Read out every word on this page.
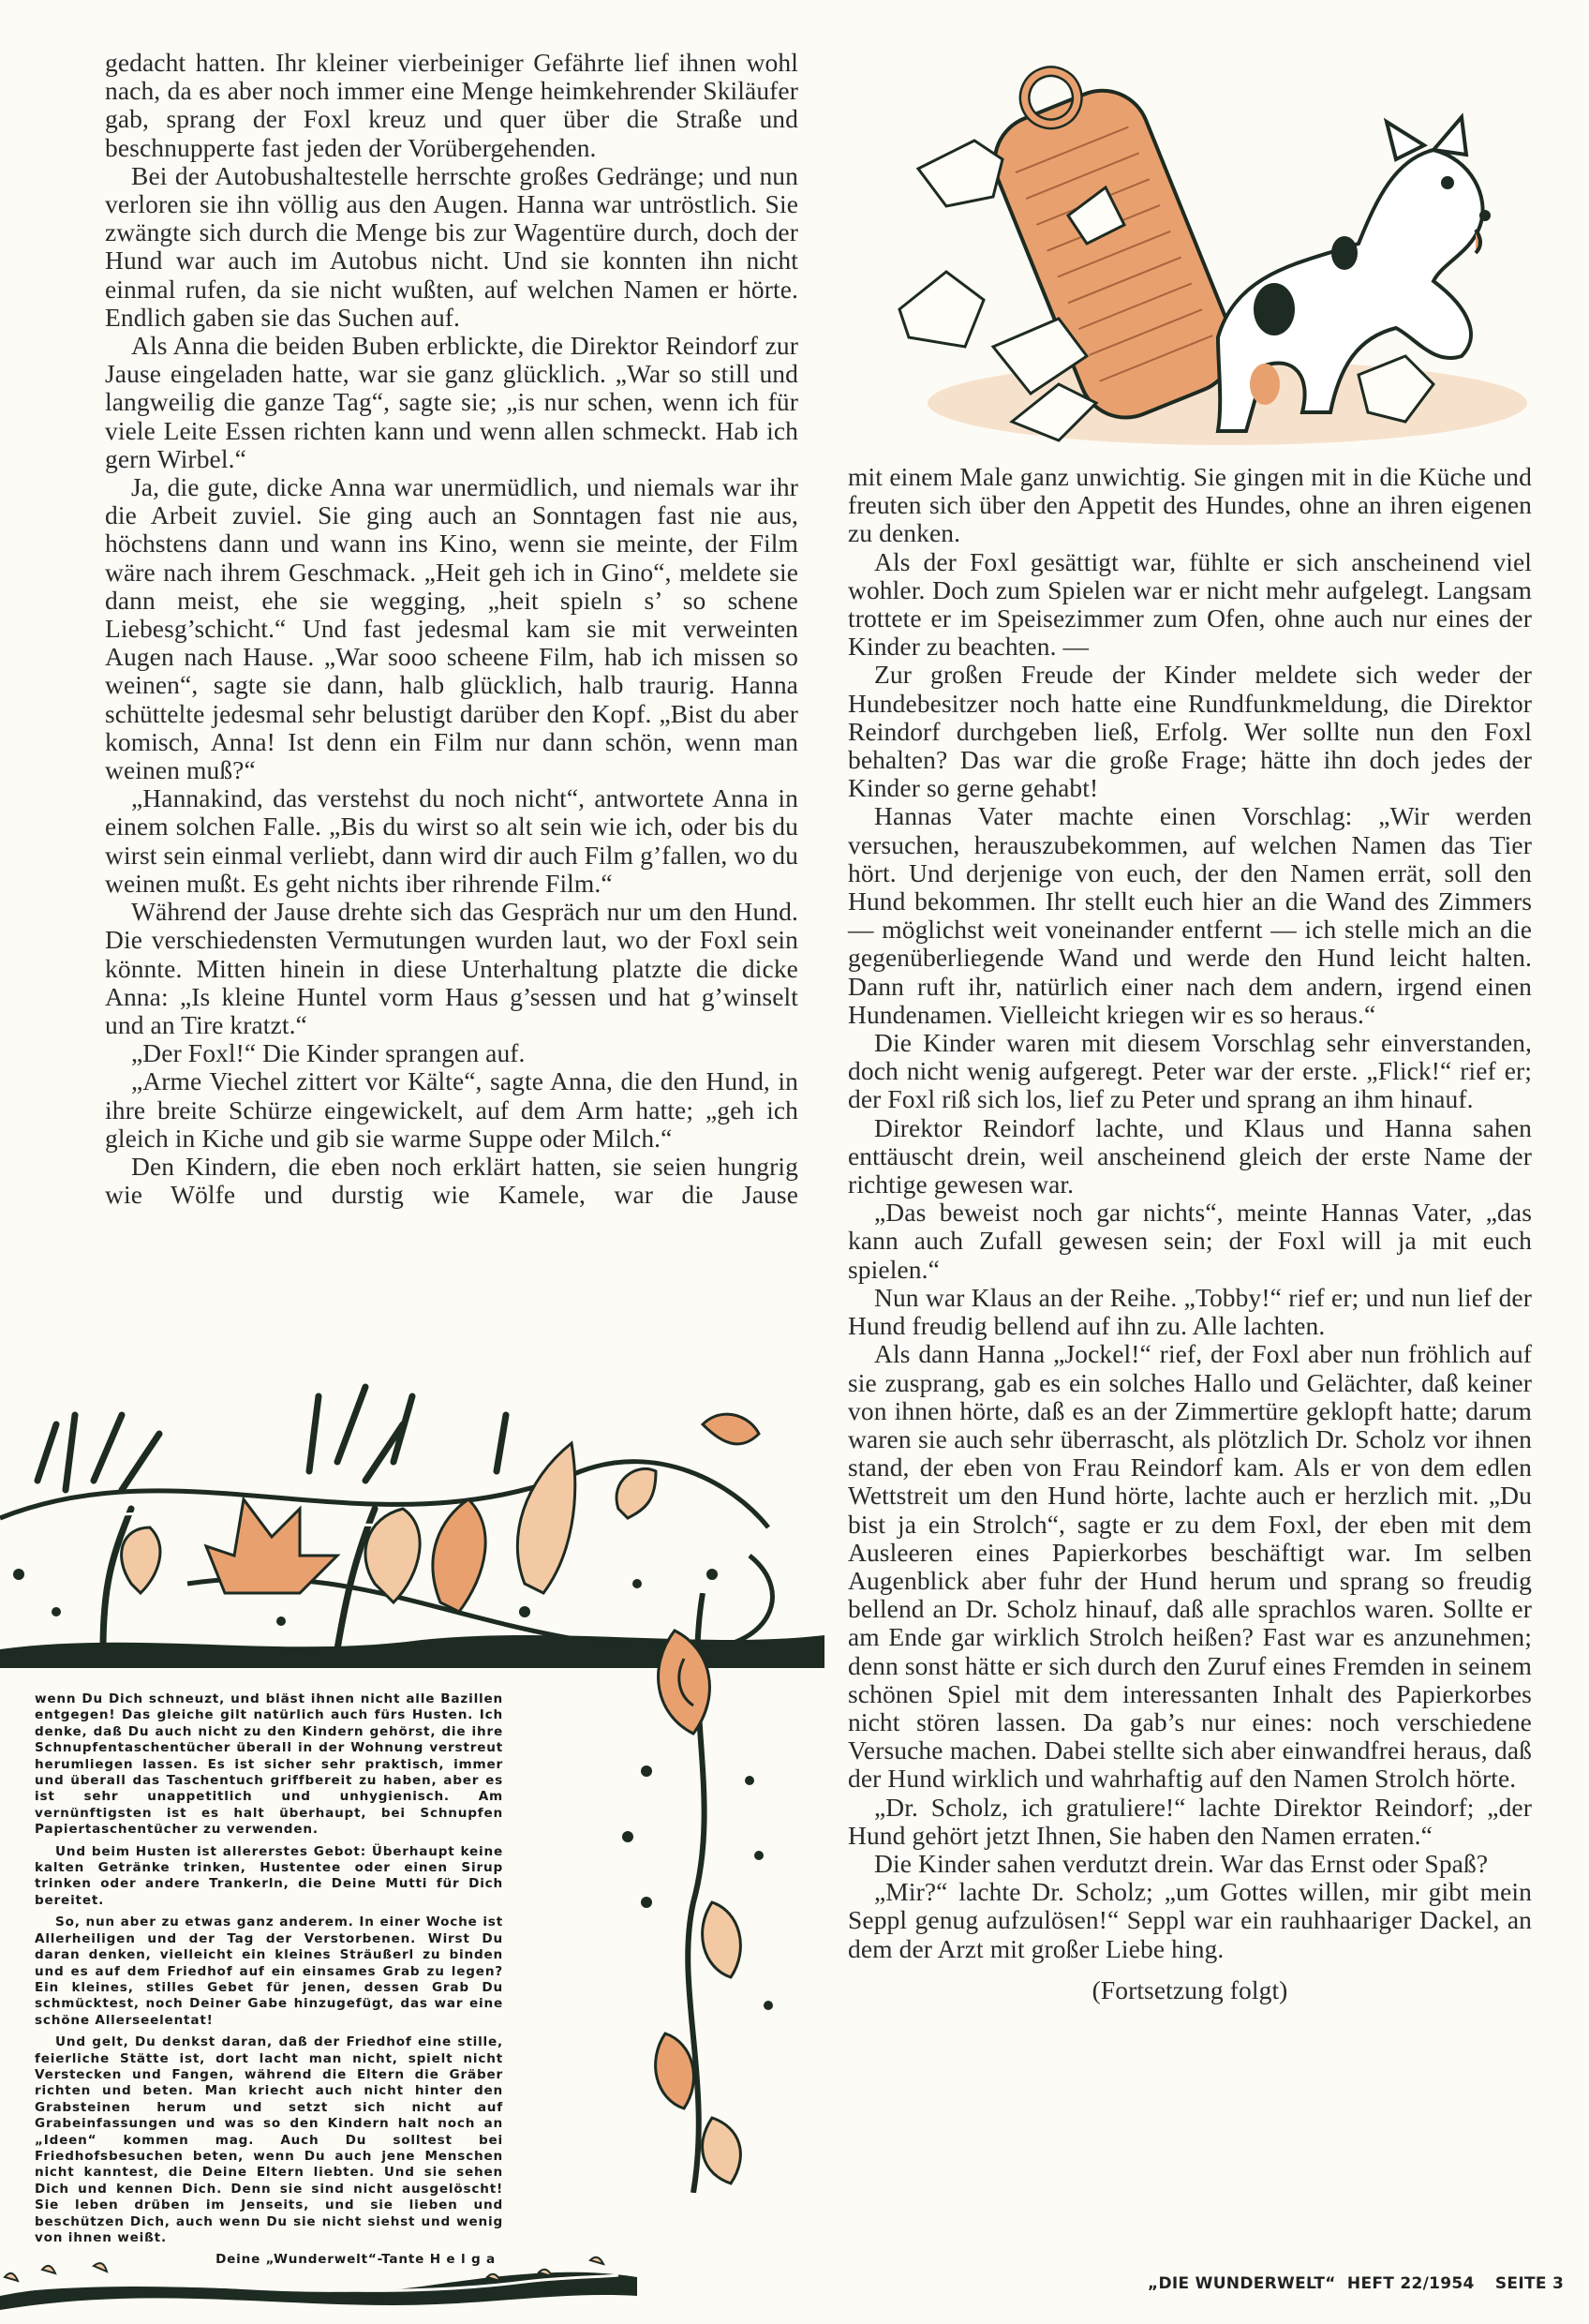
gedacht hatten. Ihr kleiner vierbeiniger Gefährte lief ihnen wohl nach, da es aber noch immer eine Menge heimkehrender Skiläufer gab, sprang der Foxl kreuz und quer über die Straße und beschnupperte fast jeden der Vorübergehenden.

Bei der Autobushaltestelle herrschte großes Gedränge; und nun verloren sie ihn völlig aus den Augen. Hanna war untröstlich. Sie zwängte sich durch die Menge bis zur Wagentüre durch, doch der Hund war auch im Autobus nicht. Und sie konnten ihn nicht einmal rufen, da sie nicht wußten, auf welchen Namen er hörte. Endlich gaben sie das Suchen auf.

Als Anna die beiden Buben erblickte, die Direktor Reindorf zur Jause eingeladen hatte, war sie ganz glücklich. „War so still und langweilig die ganze Tag“, sagte sie; „is nur schen, wenn ich für viele Leite Essen richten kann und wenn allen schmeckt. Hab ich gern Wirbel.“

Ja, die gute, dicke Anna war unermüdlich, und niemals war ihr die Arbeit zuviel. Sie ging auch an Sonntagen fast nie aus, höchstens dann und wann ins Kino, wenn sie meinte, der Film wäre nach ihrem Geschmack. „Heit geh ich in Gino“, meldete sie dann meist, ehe sie wegging, „heit spieln s’ so schene Liebesg’schicht.“ Und fast jedesmal kam sie mit verweinten Augen nach Hause. „War sooo scheene Film, hab ich missen so weinen“, sagte sie dann, halb glücklich, halb traurig. Hanna schüttelte jedesmal sehr belustigt darüber den Kopf. „Bist du aber komisch, Anna! Ist denn ein Film nur dann schön, wenn man weinen muß?“

„Hannakind, das verstehst du noch nicht“, antwortete Anna in einem solchen Falle. „Bis du wirst so alt sein wie ich, oder bis du wirst sein einmal verliebt, dann wird dir auch Film g’fallen, wo du weinen mußt. Es geht nichts iber rihrende Film.“

Während der Jause drehte sich das Gespräch nur um den Hund. Die verschiedensten Vermutungen wurden laut, wo der Foxl sein könnte. Mitten hinein in diese Unterhaltung platzte die dicke Anna: „Is kleine Huntel vorm Haus g’sessen und hat g’winselt und an Tire kratzt.“

„Der Foxl!“ Die Kinder sprangen auf.

„Arme Viechel zittert vor Kälte“, sagte Anna, die den Hund, in ihre breite Schürze eingewickelt, auf dem Arm hatte; „geh ich gleich in Kiche und gib sie warme Suppe oder Milch.“

Den Kindern, die eben noch erklärt hatten, sie seien hungrig wie Wölfe und durstig wie Kamele, war die Jause

mit einem Male ganz unwichtig. Sie gingen mit in die Küche und freuten sich über den Appetit des Hundes, ohne an ihren eigenen zu denken.

Als der Foxl gesättigt war, fühlte er sich anscheinend viel wohler. Doch zum Spielen war er nicht mehr aufgelegt. Langsam trottete er im Speisezimmer zum Ofen, ohne auch nur eines der Kinder zu beachten. —

Zur großen Freude der Kinder meldete sich weder der Hundebesitzer noch hatte eine Rundfunkmeldung, die Direktor Reindorf durchgeben ließ, Erfolg. Wer sollte nun den Foxl behalten? Das war die große Frage; hätte ihn doch jedes der Kinder so gerne gehabt!

Hannas Vater machte einen Vorschlag: „Wir werden versuchen, herauszubekommen, auf welchen Namen das Tier hört. Und derjenige von euch, der den Namen errät, soll den Hund bekommen. Ihr stellt euch hier an die Wand des Zimmers — möglichst weit voneinander entfernt — ich stelle mich an die gegenüberliegende Wand und werde den Hund leicht halten. Dann ruft ihr, natürlich einer nach dem andern, irgend einen Hundenamen. Vielleicht kriegen wir es so heraus.“

Die Kinder waren mit diesem Vorschlag sehr einverstanden, doch nicht wenig aufgeregt. Peter war der erste. „Flick!“ rief er; der Foxl riß sich los, lief zu Peter und sprang an ihm hinauf.

Direktor Reindorf lachte, und Klaus und Hanna sahen enttäuscht drein, weil anscheinend gleich der erste Name der richtige gewesen war.

„Das beweist noch gar nichts“, meinte Hannas Vater, „das kann auch Zufall gewesen sein; der Foxl will ja mit euch spielen.“

Nun war Klaus an der Reihe. „Tobby!“ rief er; und nun lief der Hund freudig bellend auf ihn zu. Alle lachten.

Als dann Hanna „Jockel!“ rief, der Foxl aber nun fröhlich auf sie zusprang, gab es ein solches Hallo und Gelächter, daß keiner von ihnen hörte, daß es an der Zimmertüre geklopft hatte; darum waren sie auch sehr überrascht, als plötzlich Dr. Scholz vor ihnen stand, der eben von Frau Reindorf kam. Als er von dem edlen Wettstreit um den Hund hörte, lachte auch er herzlich mit. „Du bist ja ein Strolch“, sagte er zu dem Foxl, der eben mit dem Ausleeren eines Papierkorbes beschäftigt war. Im selben Augenblick aber fuhr der Hund herum und sprang so freudig bellend an Dr. Scholz hinauf, daß alle sprachlos waren. Sollte er am Ende gar wirklich Strolch heißen? Fast war es anzunehmen; denn sonst hätte er sich durch den Zuruf eines Fremden in seinem schönen Spiel mit dem interessanten Inhalt des Papierkorbes nicht stören lassen. Da gab’s nur eines: noch verschiedene Versuche machen. Dabei stellte sich aber einwandfrei heraus, daß der Hund wirklich und wahrhaftig auf den Namen Strolch hörte.

„Dr. Scholz, ich gratuliere!“ lachte Direktor Reindorf; „der Hund gehört jetzt Ihnen, Sie haben den Namen erraten.“

Die Kinder sahen verdutzt drein. War das Ernst oder Spaß?

„Mir?“ lachte Dr. Scholz; „um Gottes willen, mir gibt mein Seppl genug aufzulösen!“ Seppl war ein rauhhaariger Dackel, an dem der Arzt mit großer Liebe hing.

(Fortsetzung folgt)

wenn Du Dich schneuzt, und bläst ihnen nicht alle Bazillen entgegen! Das gleiche gilt natürlich auch fürs Husten. Ich denke, daß Du auch nicht zu den Kindern gehörst, die ihre Schnupfentaschentücher überall in der Wohnung verstreut herumliegen lassen. Es ist sicher sehr praktisch, immer und überall das Taschentuch griffbereit zu haben, aber es ist sehr unappetitlich und unhygienisch. Am vernünftigsten ist es halt überhaupt, bei Schnupfen Papiertaschentücher zu verwenden.

Und beim Husten ist allererstes Gebot: Überhaupt keine kalten Getränke trinken, Hustentee oder einen Sirup trinken oder andere Trankerln, die Deine Mutti für Dich bereitet.

So, nun aber zu etwas ganz anderem. In einer Woche ist Allerheiligen und der Tag der Verstorbenen. Wirst Du daran denken, vielleicht ein kleines Sträußerl zu binden und es auf dem Friedhof auf ein einsames Grab zu legen? Ein kleines, stilles Gebet für jenen, dessen Grab Du schmücktest, noch Deiner Gabe hinzugefügt, das war eine schöne Allerseelentat!

Und gelt, Du denkst daran, daß der Friedhof eine stille, feierliche Stätte ist, dort lacht man nicht, spielt nicht Verstecken und Fangen, während die Eltern die Gräber richten und beten. Man kriecht auch nicht hinter den Grabsteinen herum und setzt sich nicht auf Grabeinfassungen und was so den Kindern halt noch an „Ideen“ kommen mag. Auch Du solltest bei Friedhofsbesuchen beten, wenn Du auch jene Menschen nicht kanntest, die Deine Eltern liebten. Und sie sehen Dich und kennen Dich. Denn sie sind nicht ausgelöscht! Sie leben drüben im Jenseits, und sie lieben und beschützen Dich, auch wenn Du sie nicht siehst und wenig von ihnen weißt.

Deine „Wunderwelt“-Tante H e l g a

„DIE WUNDERWELT“ HEFT 22/1954 SEITE 3
